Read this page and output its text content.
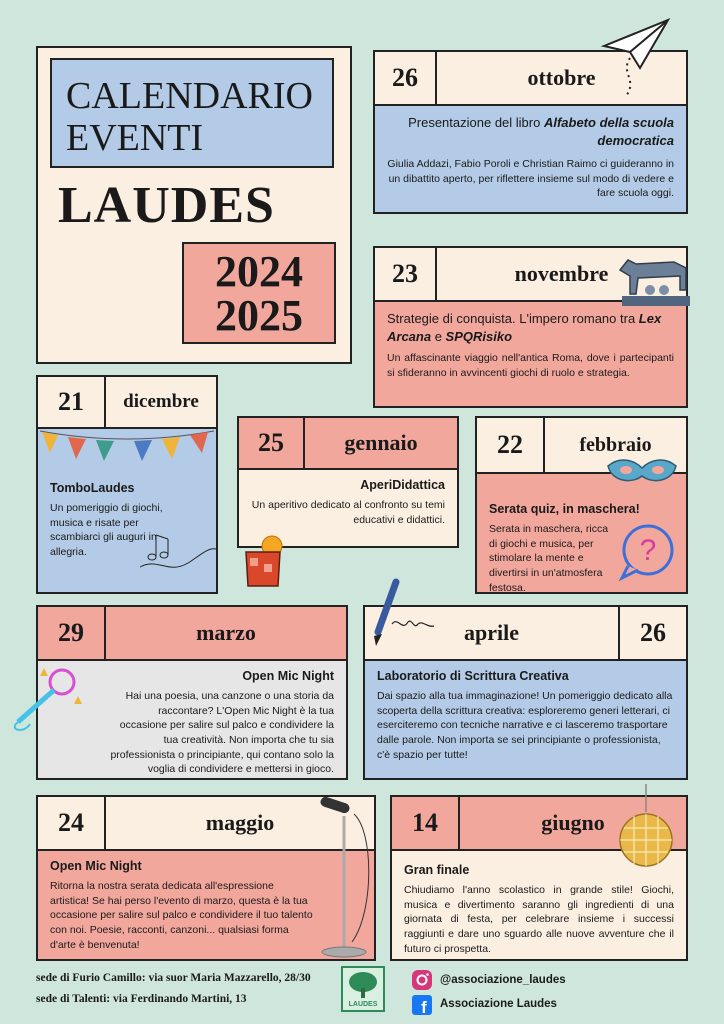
CALENDARIO
EVENTI
LAUDES
2024
2025
26	ottobre
Presentazione del libro Alfabeto della scuola democratica
Giulia Addazi, Fabio Poroli e Christian Raimo ci guideranno in un dibattito aperto, per riflettere insieme sul modo di vedere e fare scuola oggi.
23	novembre
Strategie di conquista. L'impero romano tra Lex Arcana e SPQRisiko
Un affascinante viaggio nell'antica Roma, dove i partecipanti si sfideranno in avvincenti giochi di ruolo e strategia.
21	dicembre
TomboLaudes
Un pomeriggio di giochi, musica e risate per scambiarci gli auguri in allegria.
25	gennaio
AperiDidattica
Un aperitivo dedicato al confronto su temi educativi e didattici.
22	febbraio
Serata quiz, in maschera!
Serata in maschera, ricca di giochi e musica, per stimolare la mente e divertirsi in un'atmosfera festosa.
?
29	marzo
Open Mic Night
Hai una poesia, una canzone o una storia da raccontare? L'Open Mic Night è la tua occasione per salire sul palco e condividere la tua creatività. Non importa che tu sia professionista o principiante, qui contano solo la voglia di condividere e mettersi in gioco.
aprile	26
Laboratorio di Scrittura Creativa
Dai spazio alla tua immaginazione! Un pomeriggio dedicato alla scoperta della scrittura creativa: esploreremo generi letterari, ci eserciteremo con tecniche narrative e ci lasceremo trasportare dalle parole. Non importa se sei principiante o professionista, c'è spazio per tutte!
24	maggio
Open Mic Night
Ritorna la nostra serata dedicata all'espressione artistica! Se hai perso l'evento di marzo, questa è la tua occasione per salire sul palco e condividere il tuo talento con noi. Poesie, racconti, canzoni... qualsiasi forma d'arte è benvenuta!
14	giugno
Gran finale
Chiudiamo l'anno scolastico in grande stile! Giochi, musica e divertimento saranno gli ingredienti di una giornata di festa, per celebrare insieme i successi raggiunti e dare uno sguardo alle nuove avventure che il futuro ci prospetta.
sede di Furio Camillo: via suor Maria Mazzarello, 28/30
sede di Talenti: via Ferdinando Martini, 13	LAUDES
@associazione_laudes
f Associazione Laudes
